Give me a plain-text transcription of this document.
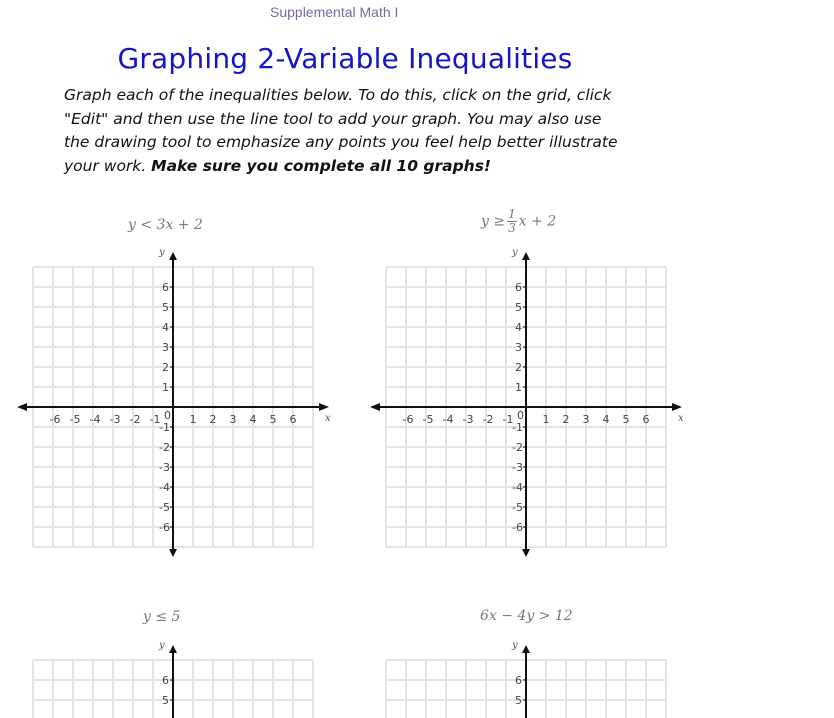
Supplemental Math I
Graphing 2-Variable Inequalities
Graph each of the inequalities below. To do this, click on the grid, click
"Edit" and then use the line tool to add your graph. You may also use
the drawing tool to emphasize any points you feel help better illustrate
your work. Make sure you complete all 10 graphs!
y < 3x + 2	$y \ge \frac{1}{3}$ x + 2
y ≤ 5	6x − 4y > 12
y
1
2
3
4
5
6
x
0
-6 -5 -4 -3 -2 -1	1 2 3 4 5 6
-1
-2
-3
-4
-5
-6
y
1
2
3
4
5
6
x
0
-6 -5 -4 -3 -2 -1	1 2 3 4 5 6
-1
-2
-3
-4
-5
-6
y
5
6
y
5
6
